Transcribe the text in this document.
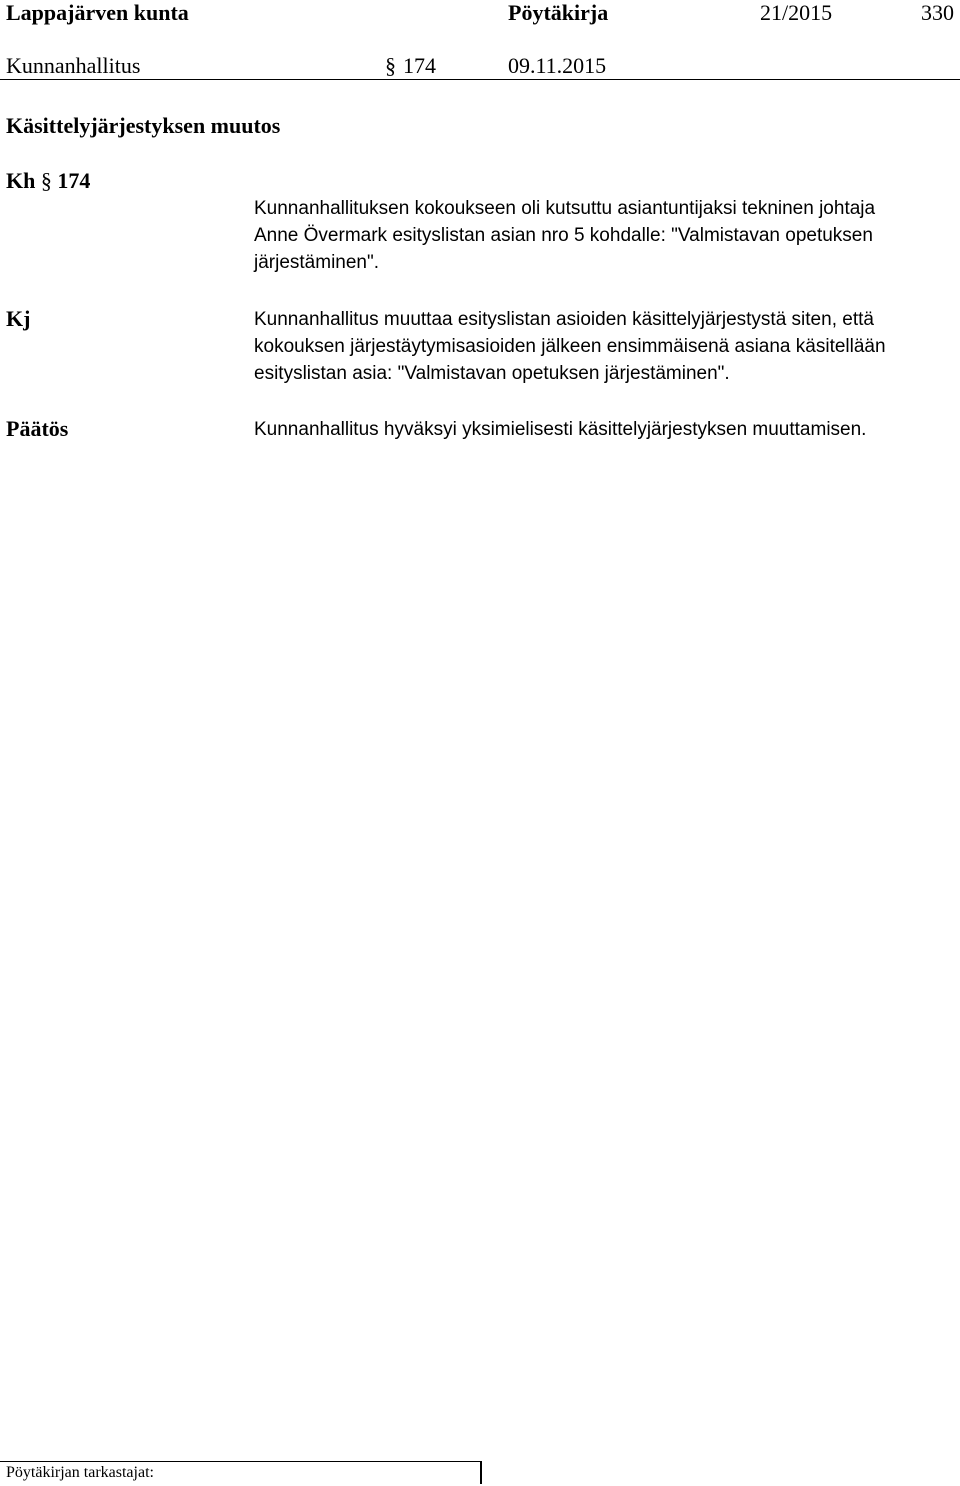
Lappajärven kunta	Pöytäkirja	21/2015	330
Kunnanhallitus	§ 174	09.11.2015
Käsittelyjärjestyksen muutos
Kh § 174
Kunnanhallituksen kokoukseen oli kutsuttu asiantuntijaksi tekninen johtaja
Anne Övermark esityslistan asian nro 5 kohdalle: "Valmistavan opetuksen
järjestäminen".
Kj	Kunnanhallitus muuttaa esityslistan asioiden käsittelyjärjestystä siten, että
kokouksen järjestäytymisasioiden jälkeen ensimmäisenä asiana käsitellään
esityslistan asia: "Valmistavan opetuksen järjestäminen".
Päätös	Kunnanhallitus hyväksyi yksimielisesti käsittelyjärjestyksen muuttamisen.
Pöytäkirjan tarkastajat:
